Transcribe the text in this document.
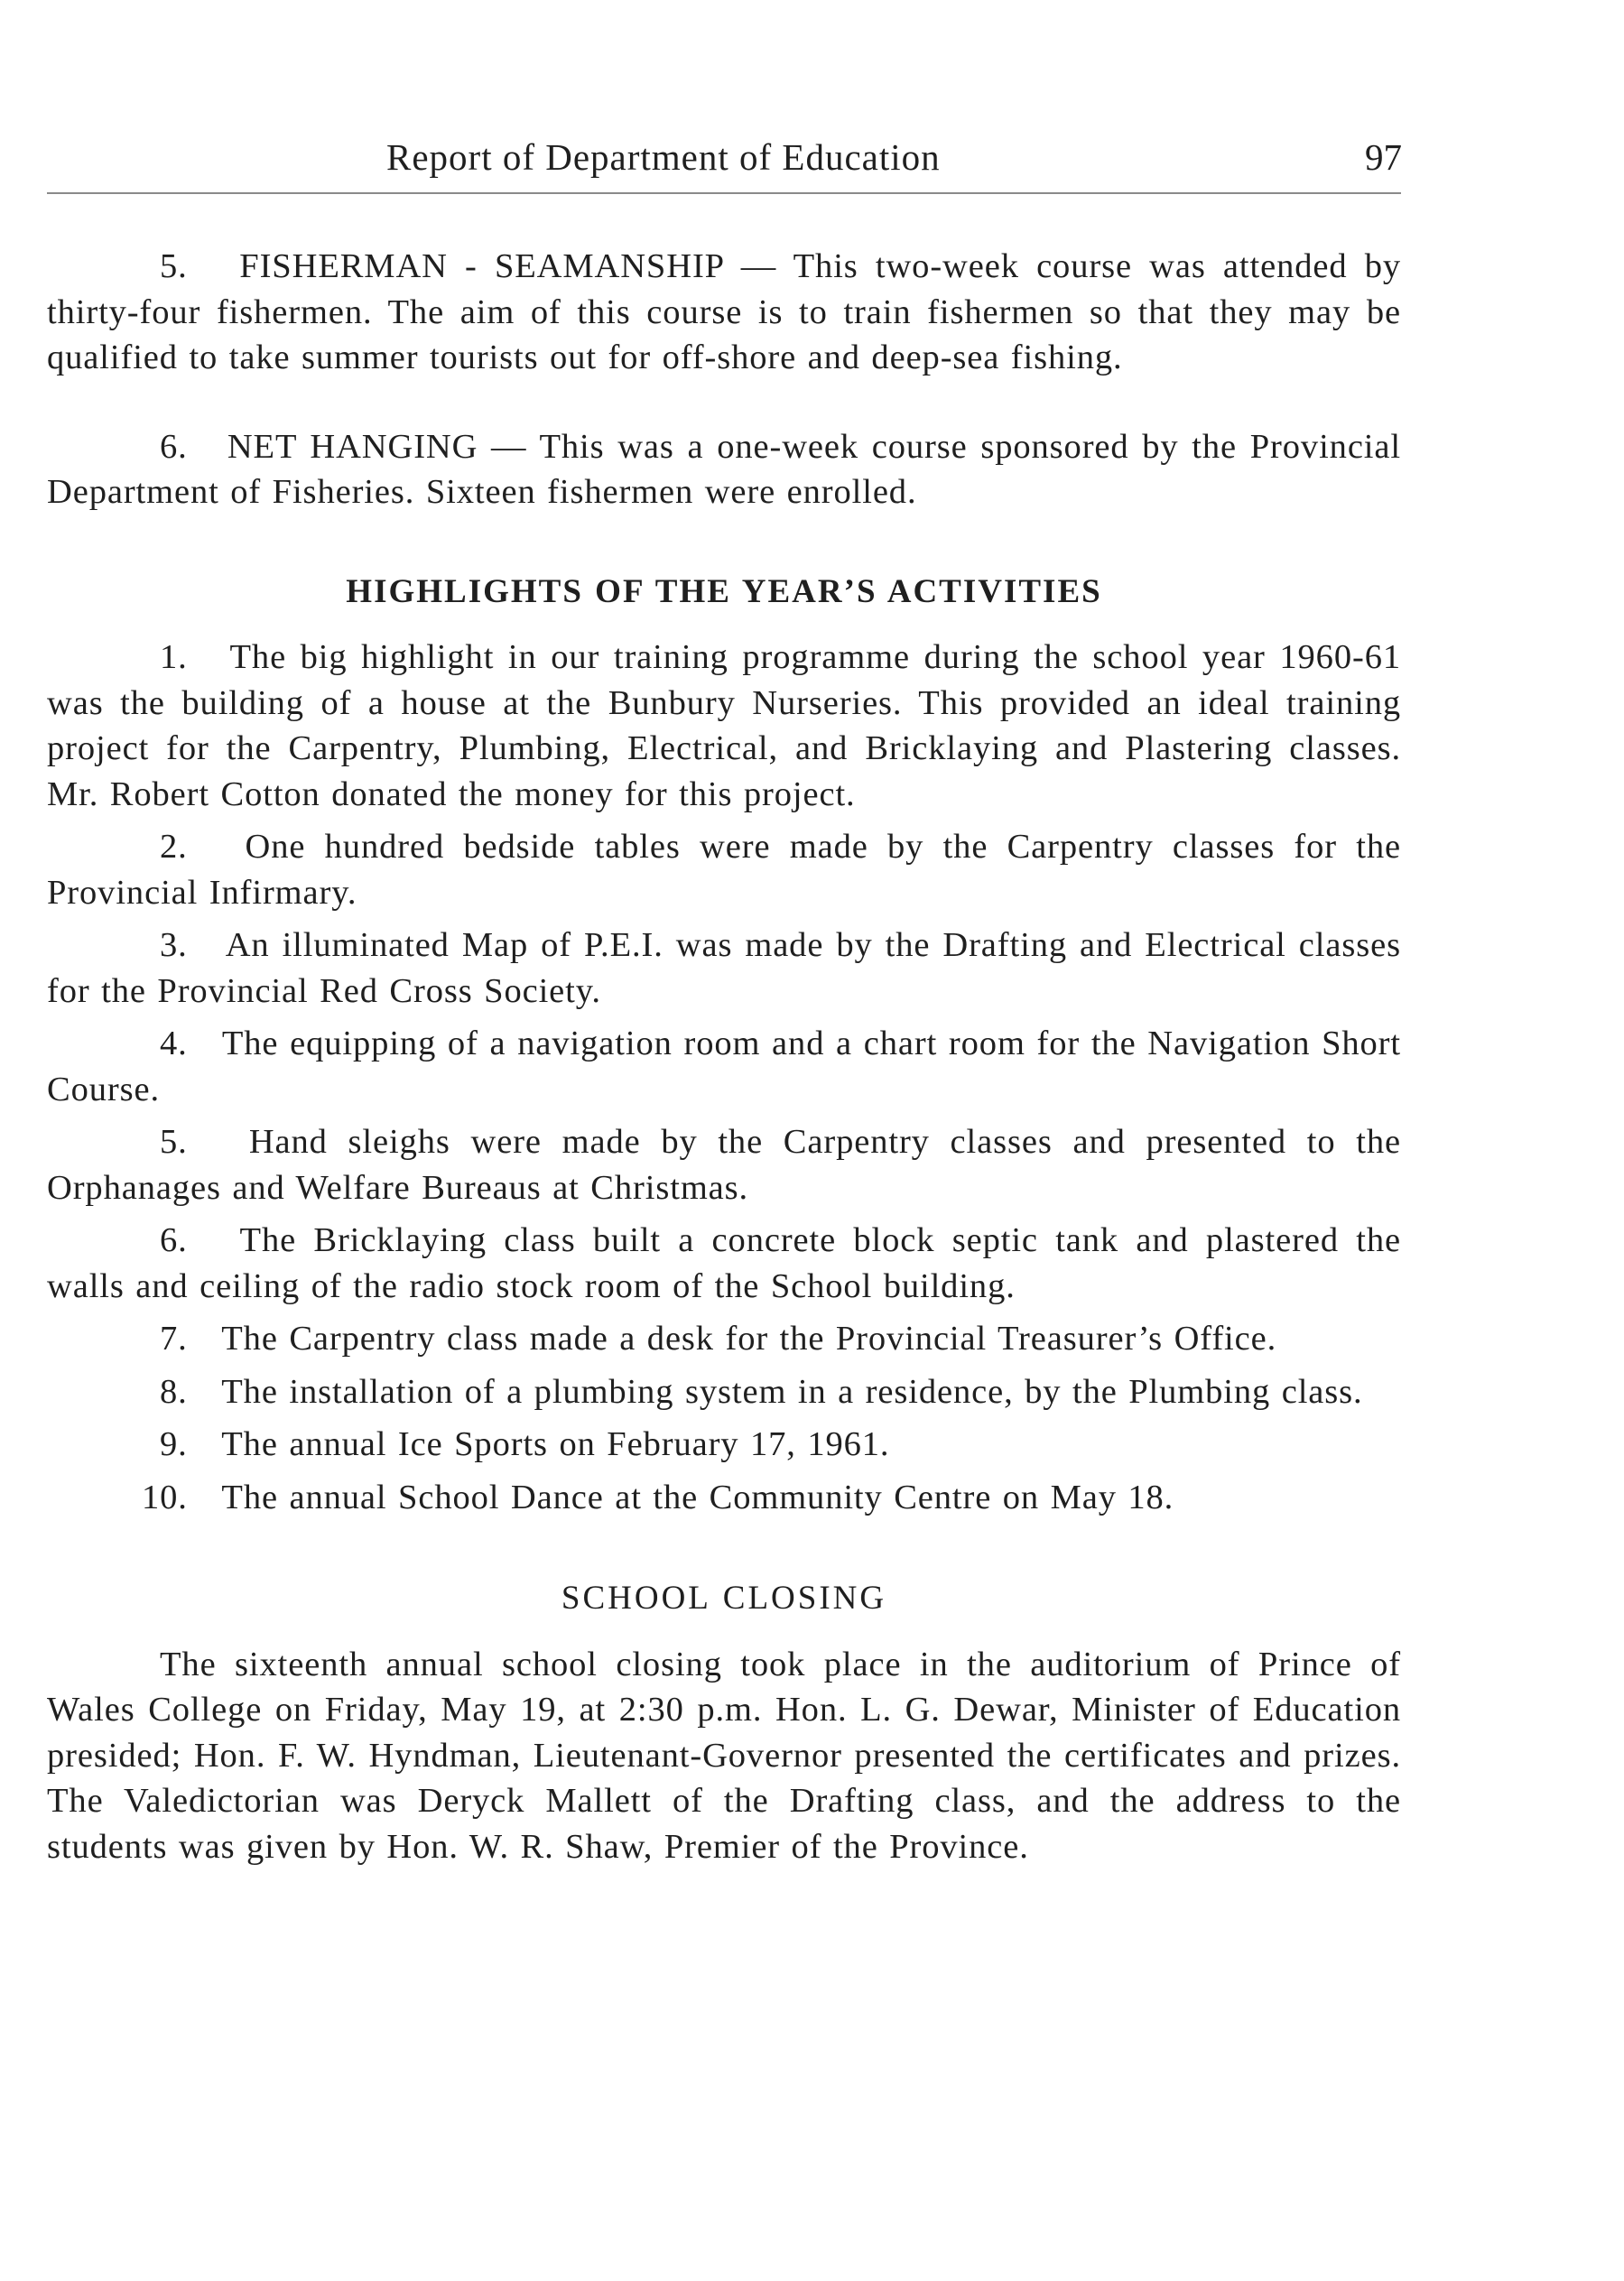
Report of Department of Education	97

5. FISHERMAN - SEAMANSHIP — This two-week course was attended by thirty-four fishermen. The aim of this course is to train fishermen so that they may be qualified to take summer tourists out for off-shore and deep-sea fishing.

6. NET HANGING — This was a one-week course sponsored by the Provincial Department of Fisheries. Sixteen fishermen were enrolled.

HIGHLIGHTS OF THE YEAR’S ACTIVITIES

1. The big highlight in our training programme during the school year 1960-61 was the building of a house at the Bunbury Nurseries. This provided an ideal training project for the Carpentry, Plumbing, Electrical, and Bricklaying and Plastering classes. Mr. Robert Cotton donated the money for this project.

2. One hundred bedside tables were made by the Carpentry classes for the Provincial Infirmary.

3. An illuminated Map of P.E.I. was made by the Drafting and Electrical classes for the Provincial Red Cross Society.

4. The equipping of a navigation room and a chart room for the Navigation Short Course.

5. Hand sleighs were made by the Carpentry classes and presented to the Orphanages and Welfare Bureaus at Christmas.

6. The Bricklaying class built a concrete block septic tank and plastered the walls and ceiling of the radio stock room of the School building.

7. The Carpentry class made a desk for the Provincial Treasurer’s Office.

8. The installation of a plumbing system in a residence, by the Plumbing class.

9. The annual Ice Sports on February 17, 1961.

10. The annual School Dance at the Community Centre on May 18.

SCHOOL CLOSING

The sixteenth annual school closing took place in the auditorium of Prince of Wales College on Friday, May 19, at 2:30 p.m. Hon. L. G. Dewar, Minister of Education presided; Hon. F. W. Hyndman, Lieutenant-Governor presented the certificates and prizes. The Valedictorian was Deryck Mallett of the Drafting class, and the address to the students was given by Hon. W. R. Shaw, Premier of the Province.
